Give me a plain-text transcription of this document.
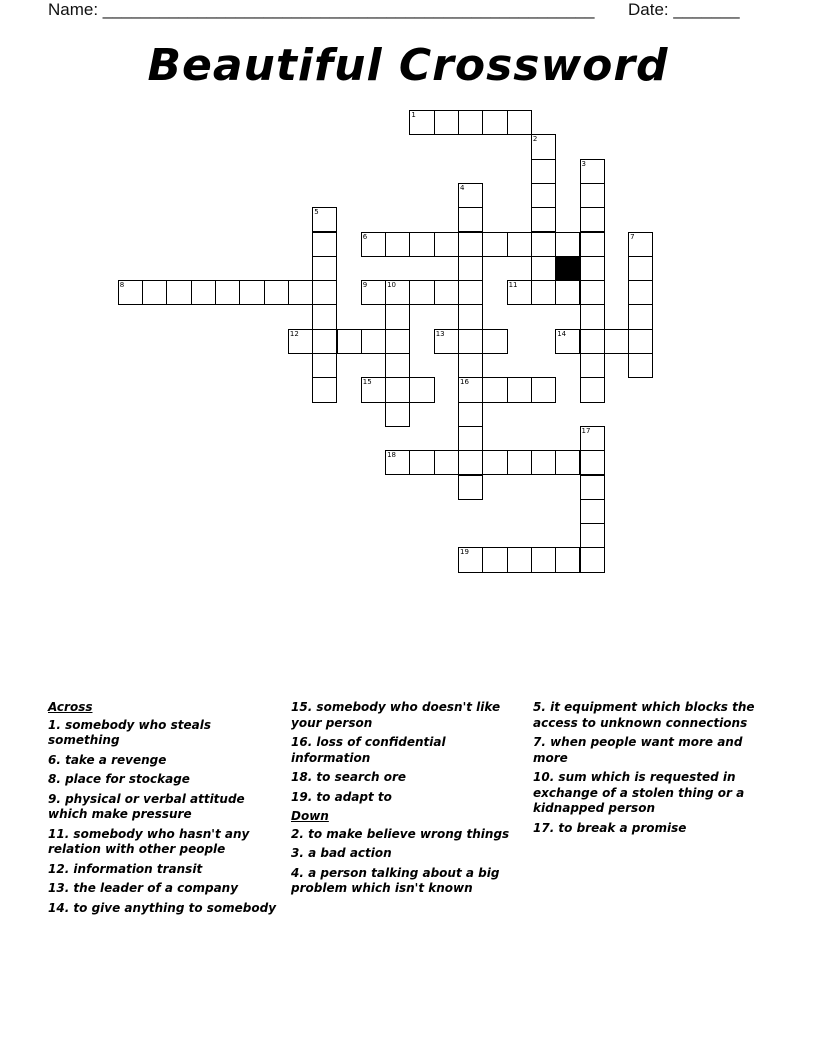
Name: ____________________________________________________ Date: _______
Beautiful Crossword
1
2
3
4
5
6	7
8	9	10	11
12	13	14
15	16
17
18
19
Across
1. somebody who steals something
6. take a revenge
8. place for stockage
9. physical or verbal attitude which make pressure
11. somebody who hasn't any relation with other people
12. information transit
13. the leader of a company
14. to give anything to somebody
15. somebody who doesn't like your person
16. loss of confidential information
18. to search ore
19. to adapt to
Down
2. to make believe wrong things
3. a bad action
4. a person talking about a big problem which isn't known
5. it equipment which blocks the access to unknown connections
7. when people want more and more
10. sum which is requested in exchange of a stolen thing or a kidnapped person
17. to break a promise
